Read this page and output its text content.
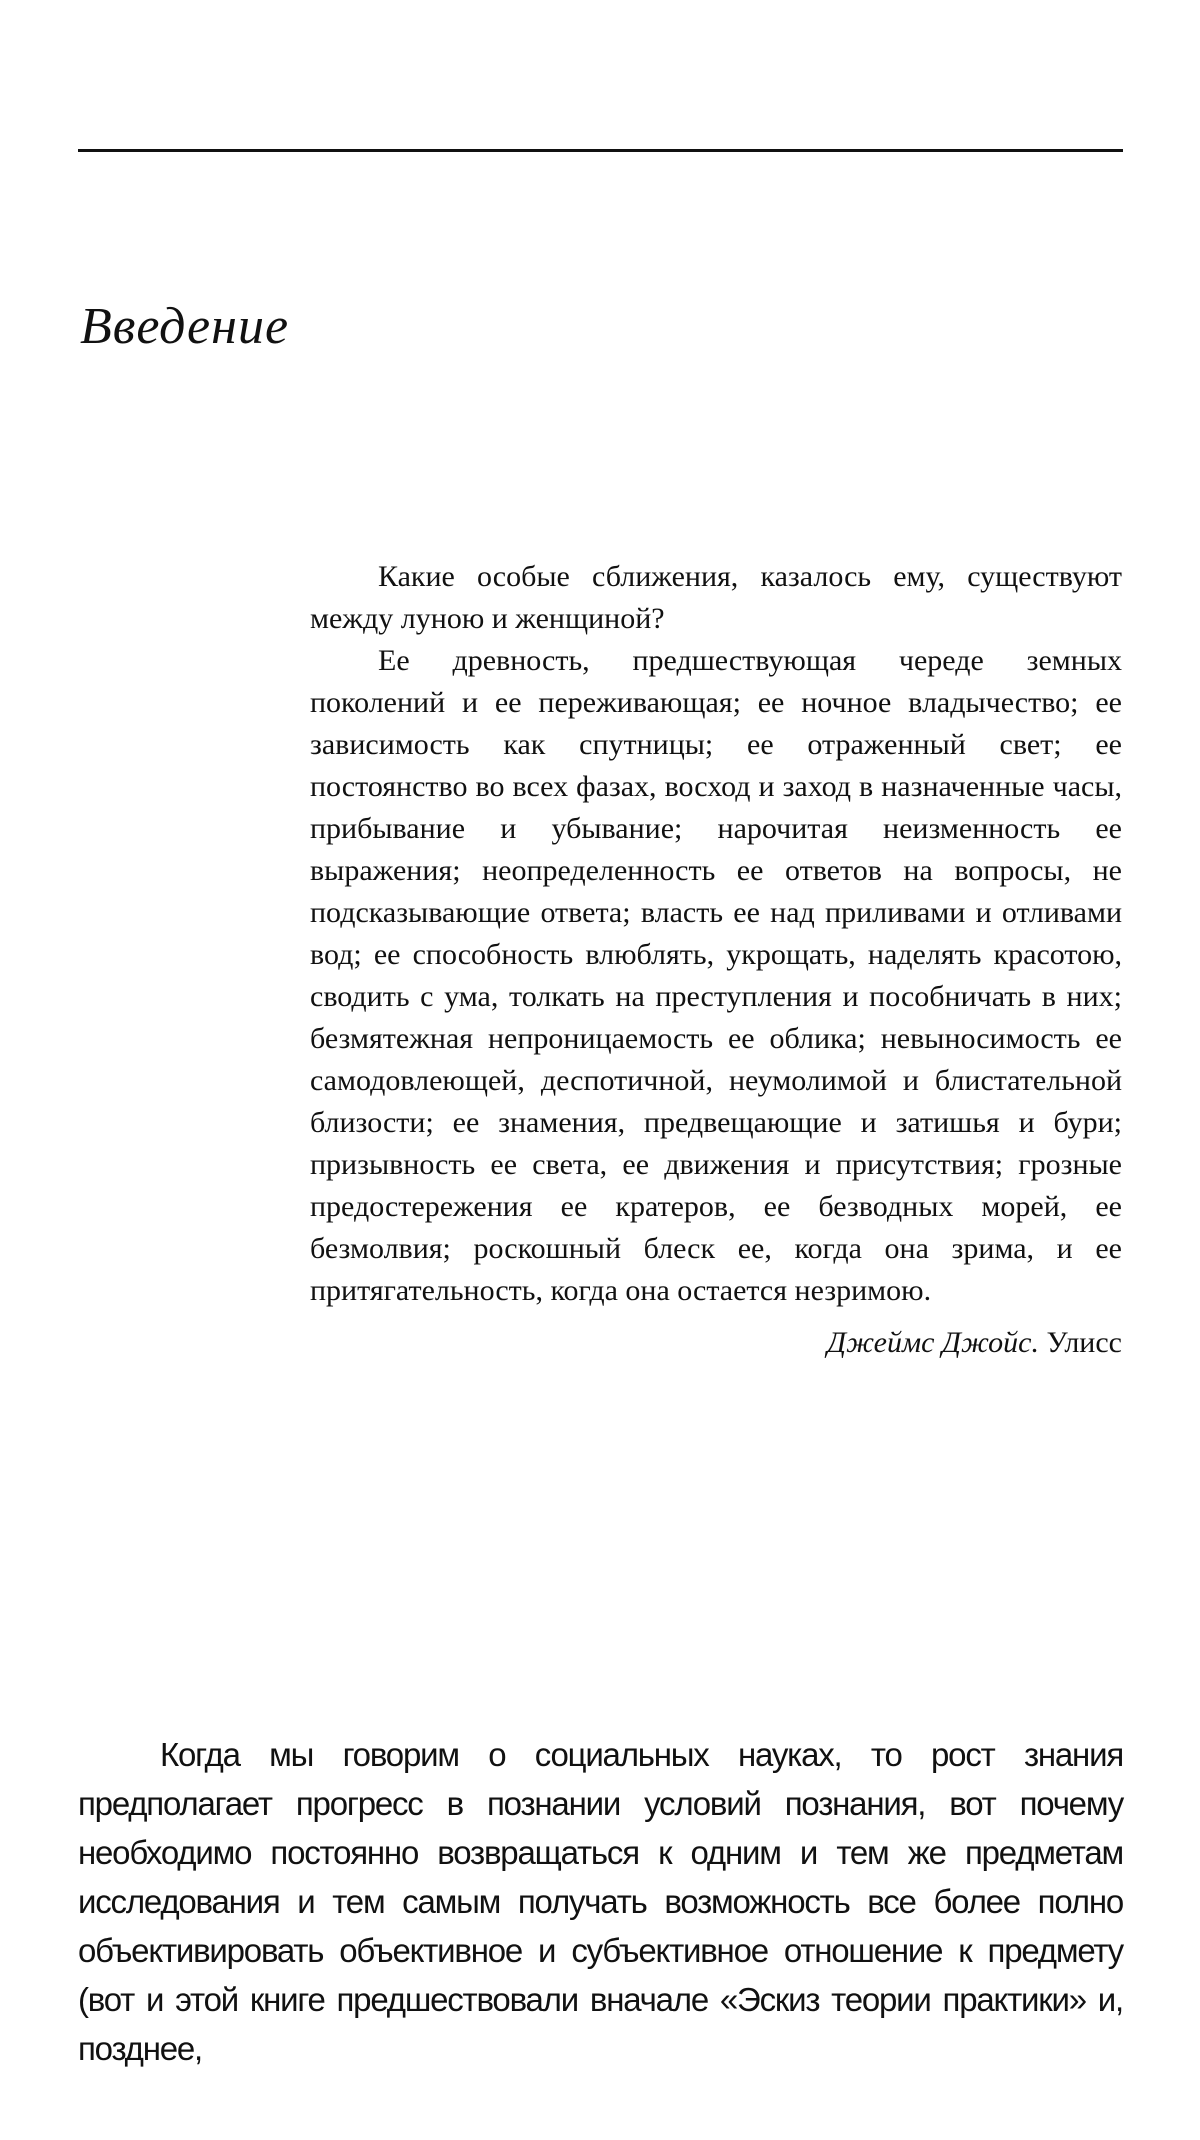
Введение

Какие особые сближения, казалось ему, существуют между луною и женщиной?

Ее древность, предшествующая череде земных поколений и ее переживающая; ее ночное владычество; ее зависимость как спутницы; ее отраженный свет; ее постоянство во всех фазах, восход и заход в назначенные часы, прибывание и убывание; нарочитая неизменность ее выражения; неопределенность ее ответов на вопросы, не подсказывающие ответа; власть ее над приливами и отливами вод; ее способность влюблять, укрощать, наделять красотою, сводить с ума, толкать на преступления и пособничать в них; безмятежная непроницаемость ее облика; невыносимость ее самодовлеющей, деспотичной, неумолимой и блистательной близости; ее знамения, предвещающие и затишья и бури; призывность ее света, ее движения и присутствия; грозные предостережения ее кратеров, ее безводных морей, ее безмолвия; роскошный блеск ее, когда она зрима, и ее притягательность, когда она остается незримою.

Джеймс Джойс. Улисс

Когда мы говорим о социальных науках, то рост знания предполагает прогресс в познании условий познания, вот почему необходимо постоянно возвращаться к одним и тем же предметам исследования и тем самым получать возможность все более полно объективировать объективное и субъективное отношение к предмету (вот и этой книге предшествовали вначале «Эскиз теории практики» и, позднее,
